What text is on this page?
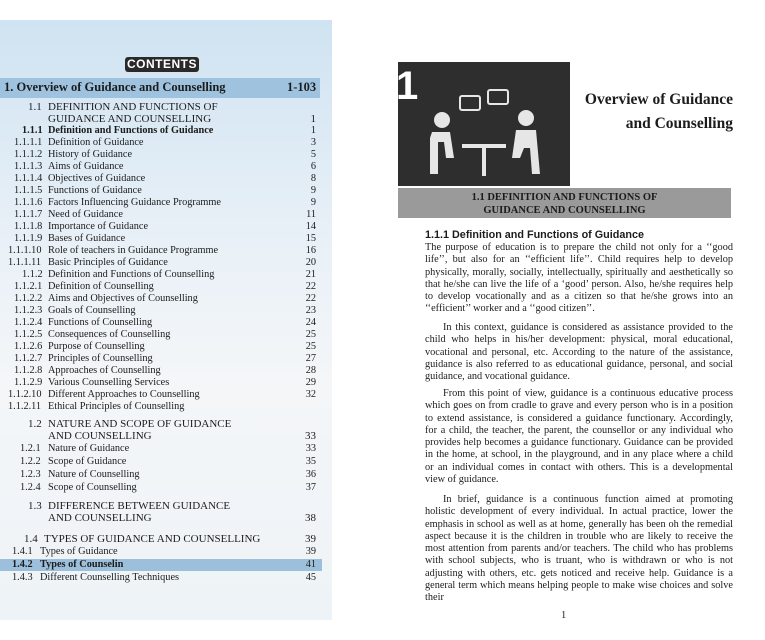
CONTENTS
1. Overview of Guidance and Counselling	1-103
1.1 DEFINITION AND FUNCTIONS OF
GUIDANCE AND COUNSELLING	1
1.1.1 Definition and Functions of Guidance	1
1.1.1.1 Definition of Guidance	3
1.1.1.2 History of Guidance	5
1.1.1.3 Aims of Guidance	6
1.1.1.4 Objectives of Guidance	8
1.1.1.5 Functions of Guidance	9
1.1.1.6 Factors Influencing Guidance Programme	9
1.1.1.7 Need of Guidance	11
1.1.1.8 Importance of Guidance	14
1.1.1.9 Bases of Guidance	15
1.1.1.10 Role of teachers in Guidance Programme	16
1.1.1.11 Basic Principles of Guidance	20
1.1.2 Definition and Functions of Counselling	21
1.1.2.1 Definition of Counselling	22
1.1.2.2 Aims and Objectives of Counselling	22
1.1.2.3 Goals of Counselling	23
1.1.2.4 Functions of Counselling	24
1.1.2.5 Consequences of Counselling	25
1.1.2.6 Purpose of Counselling	25
1.1.2.7 Principles of Counselling	27
1.1.2.8 Approaches of Counselling	28
1.1.2.9 Various Counselling Services	29
1.1.2.10 Different Approaches to Counselling	32
1.1.2.11 Ethical Principles of Counselling
1.2 NATURE AND SCOPE OF GUIDANCE
AND COUNSELLING	33
1.2.1 Nature of Guidance	33
1.2.2 Scope of Guidance	35
1.2.3 Nature of Counselling	36
1.2.4 Scope of Counselling	37
1.3 DIFFERENCE BETWEEN GUIDANCE
AND COUNSELLING	38
1.4 TYPES OF GUIDANCE AND COUNSELLING	39
1.4.1 Types of Guidance	39
1.4.2 Types of Counselin	41
1.4.3 Different Counselling Techniques	45
1	Overview of Guidance
and Counselling
1.1 DEFINITION AND FUNCTIONS OF
GUIDANCE AND COUNSELLING
1.1.1 Definition and Functions of Guidance

The purpose of education is to prepare the child not only for a ‘‘good life’’, but also for an ‘‘efficient life’’. Child requires help to develop physically, morally, socially, intellectually, spiritually and aesthetically so that he/she can live the life of a ‘good’ person. Also, he/she requires help to develop vocationally and as a citizen so that he/she grows into an ‘‘efficient’’ worker and a ‘‘good citizen’’.

In this context, guidance is considered as assistance provided to the child who helps in his/her development: physical, moral educational, vocational and personal, etc. According to the nature of the assistance, guidance is also referred to as educational guidance, personal, and social guidance, and vocational guidance.

From this point of view, guidance is a continuous educative process which goes on from cradle to grave and every person who is in a position to extend assistance, is considered a guidance functionary. Accordingly, for a child, the teacher, the parent, the counsellor or any individual who provides help becomes a guidance functionary. Guidance can be provided in the home, at school, in the playground, and in any place where a child or an individual comes in contact with others. This is a developmental view of guidance.

In brief, guidance is a continuous function aimed at promoting holistic development of every individual. In actual practice, lower the emphasis in school as well as at home, generally has been oh the remedial aspect because it is the children in trouble who are likely to receive the most attention from parents and/or teachers. The child who has problems with school subjects, who is truant, who is withdrawn or who is not adjusting with others, etc. gets noticed and receive help. Guidance is a general term which means helping people to make wise choices and solve their

1
